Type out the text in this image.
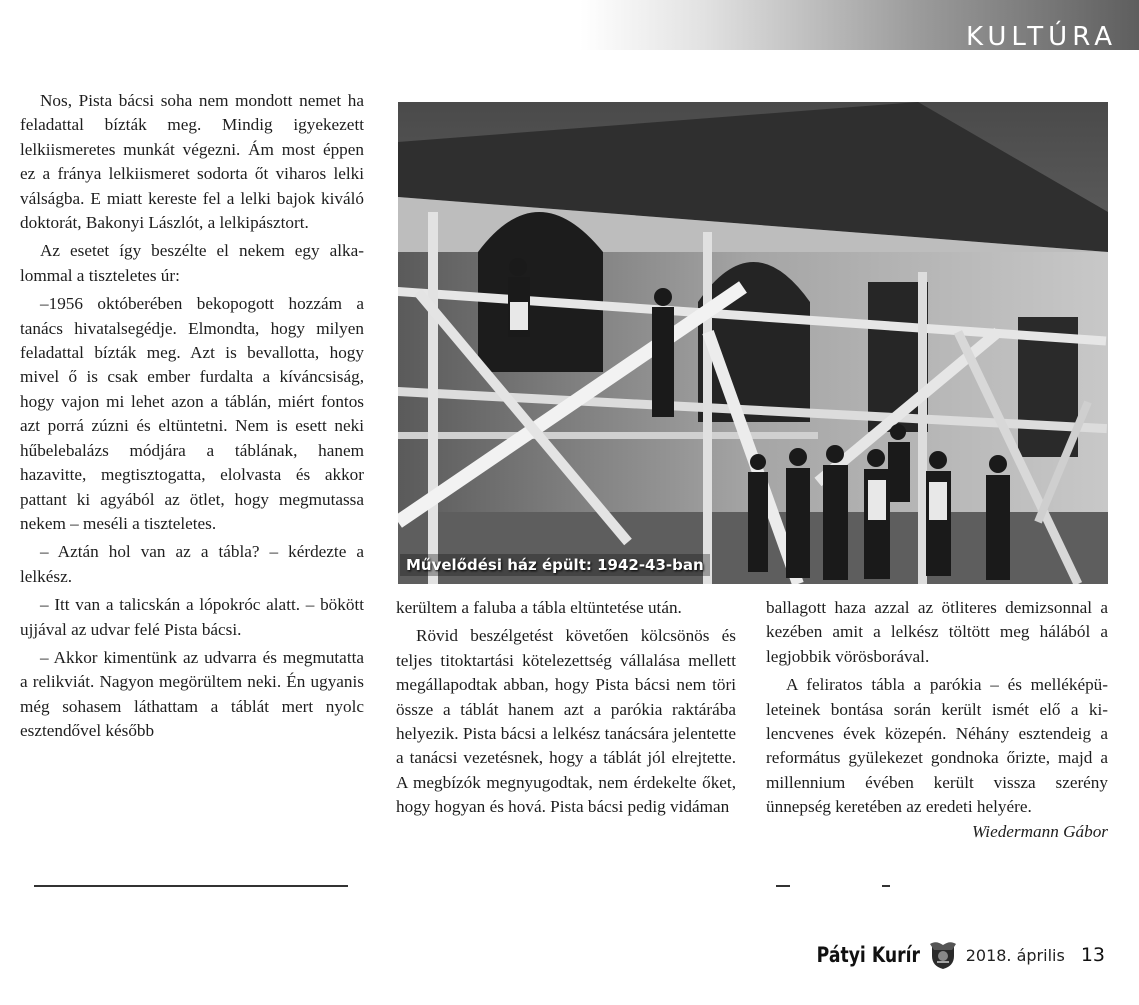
KULTÚRA

Nos, Pista bácsi soha nem mondott nemet ha feladattal bízták meg. Mindig igyekezett lelkiismeretes munkát végezni. Ám most éppen ez a fránya lelkiismeret sodorta őt viharos lelki válságba. E miatt kereste fel a lelki bajok kiváló doktorát, Bakonyi Lászlót, a lelkipásztort.

Az esetet így beszélte el nekem egy alkalommal a tiszteletes úr:

–1956 októberében bekopogott hozzám a tanács hivatalsegédje. Elmondta, hogy milyen feladattal bízták meg. Azt is bevallotta, hogy mivel ő is csak ember furdalta a kíváncsiság, hogy vajon mi lehet azon a táblán, miért fontos azt porrá zúzni és eltüntetni. Nem is esett neki hűbelebalázs módjára a táblának, hanem hazavitte, megtisztogatta, elolvasta és akkor pattant ki agyából az ötlet, hogy megmutassa nekem – meséli a tiszteletes.

– Aztán hol van az a tábla? – kérdezte a lelkész.

– Itt van a talicskán a lópokróc alatt. – bökött ujjával az udvar felé Pista bácsi.

– Akkor kimentünk az udvarra és megmutatta a relikviát. Nagyon megörültem neki. Én ugyanis még sohasem láthattam a táblát mert nyolc esztendővel később

Művelődési ház épült: 1942-43-ban

kerültem a faluba a tábla eltüntetése után.

Rövid beszélgetést követően kölcsönös és teljes titoktartási kötelezettség vállalása mellett megállapodtak abban, hogy Pista bácsi nem töri össze a táblát hanem azt a parókia raktárába helyezik. Pista bácsi a lelkész tanácsára jelentette a tanácsi vezetésnek, hogy a táblát jól elrejtette. A megbízók megnyugodtak, nem érdekelte őket, hogy hogyan és hová. Pista bácsi pedig vidáman

ballagott haza azzal az ötliteres demizsonnal a kezében amit a lelkész töltött meg hálából a legjobbik vörösborával.

A feliratos tábla a parókia – és melléképületeinek bontása során került ismét elő a kilencvenes évek közepén. Néhány esztendeig a református gyülekezet gondnoka őrizte, majd a millennium évében került vissza szerény ünnepség keretében az eredeti helyére.

Wiedermann Gábor

Pátyi Kurír	2018. április 13
